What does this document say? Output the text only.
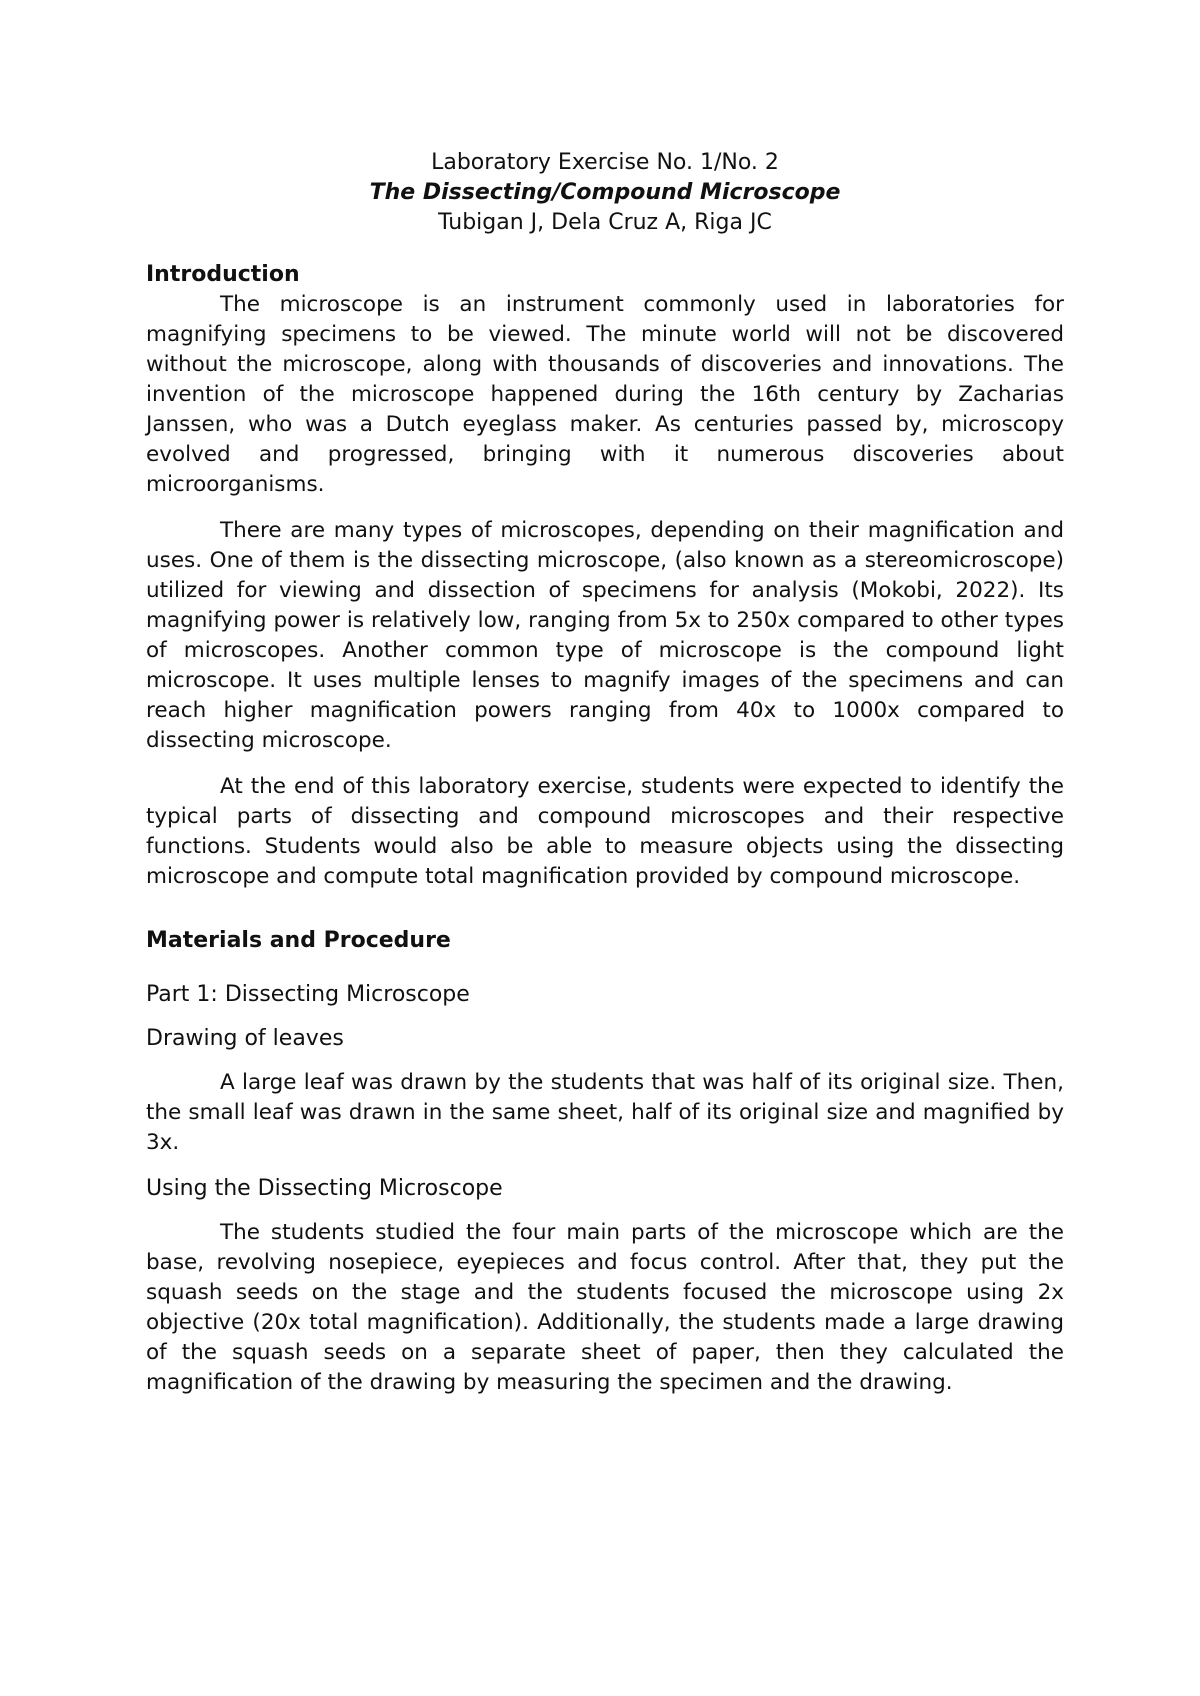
Laboratory Exercise No. 1/No. 2
The Dissecting/Compound Microscope
Tubigan J, Dela Cruz A, Riga JC
Introduction

The microscope is an instrument commonly used in laboratories for magnifying specimens to be viewed. The minute world will not be discovered without the microscope, along with thousands of discoveries and innovations. The invention of the microscope happened during the 16th century by Zacharias Janssen, who was a Dutch eyeglass maker. As centuries passed by, microscopy evolved and progressed, bringing with it numerous discoveries about microorganisms.

There are many types of microscopes, depending on their magnification and uses. One of them is the dissecting microscope, (also known as a stereomicroscope) utilized for viewing and dissection of specimens for analysis (Mokobi, 2022). Its magnifying power is relatively low, ranging from 5x to 250x compared to other types of microscopes. Another common type of microscope is the compound light microscope. It uses multiple lenses to magnify images of the specimens and can reach higher magnification powers ranging from 40x to 1000x compared to dissecting microscope.

At the end of this laboratory exercise, students were expected to identify the typical parts of dissecting and compound microscopes and their respective functions. Students would also be able to measure objects using the dissecting microscope and compute total magnification provided by compound microscope.

Materials and Procedure
Part 1: Dissecting Microscope
Drawing of leaves

A large leaf was drawn by the students that was half of its original size. Then, the small leaf was drawn in the same sheet, half of its original size and magnified by 3x.

Using the Dissecting Microscope

The students studied the four main parts of the microscope which are the base, revolving nosepiece, eyepieces and focus control. After that, they put the squash seeds on the stage and the students focused the microscope using 2x objective (20x total magnification). Additionally, the students made a large drawing of the squash seeds on a separate sheet of paper, then they calculated the magnification of the drawing by measuring the specimen and the drawing.
